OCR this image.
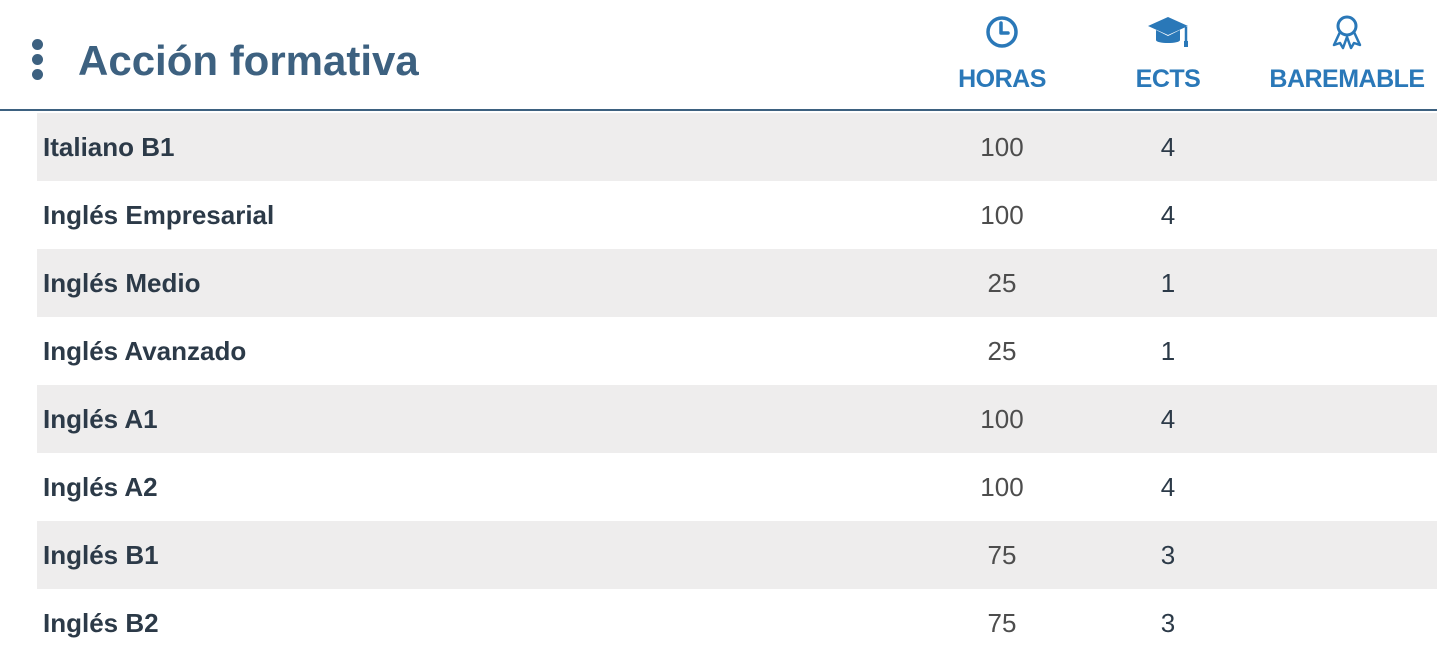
Acción formativa	HORAS	ECTS	BAREMABLE
Italiano B1	100	4
Inglés Empresarial	100	4
Inglés Medio	25	1
Inglés Avanzado	25	1
Inglés A1	100	4
Inglés A2	100	4
Inglés B1	75	3
Inglés B2	75	3
